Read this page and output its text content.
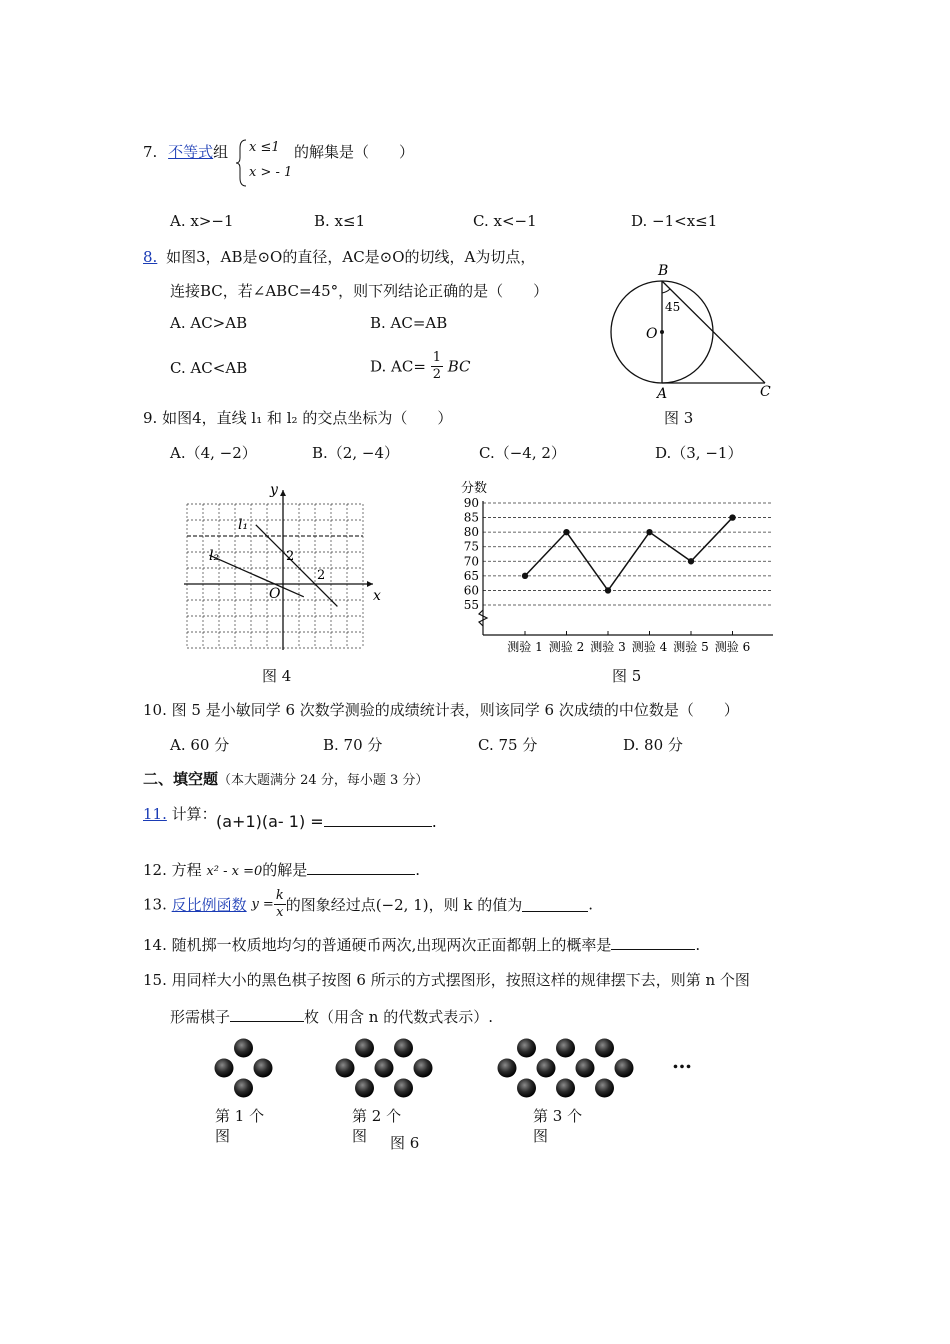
7. 不等式组 x ≤1
x > - 1
的解集是（　　）
A. x>−1	B. x≤1	C. x<−1	D. −1<x≤1
8. 如图3，AB是⊙O的直径，AC是⊙O的切线，A为切点，
连接BC，若∠ABC=45°，则下列结论正确的是（　　）
A. AC>AB	B. AC=AB
C. AC<AB	D. $AC= \frac{1}{2}$ BC
B
45
O
A	C
图 3
9. 如图4，直线 l₁ 和 l₂ 的交点坐标为（　　）
A.（4, −2）	B.（2, −4）	C.（−4, 2）	D.（3, −1）
x
y
O
l₁
l₂	2
2
图 4
分数
55
60
65
70
75
80
85
90
测验 1 测验 2 测验 3 测验 4 测验 5 测验 6
图 5
10. 图 5 是小敏同学 6 次数学测验的成绩统计表，则该同学 6 次成绩的中位数是（　　）
A. 60 分	B. 70 分	C. 75 分	D. 80 分
二、填空题（本大题满分 24 分，每小题 3 分）
11. 计算： (a+1)(a- 1) =	.
12. 方程 x² - x =0的解是	.
13. 反比例函数 $y = \frac{k}{x}$ 的图象经过点(−2, 1)，则 k 的值为	.
14. 随机掷一枚质地均匀的普通硬币两次,出现两次正面都朝上的概率是	.
15. 用同样大小的黑色棋子按图 6 所示的方式摆图形，按照这样的规律摆下去，则第 n 个图
形需棋子	枚（用含 n 的代数式表示）.
…
第 1 个
图
第 2 个
图	图 6
第 3 个
图
